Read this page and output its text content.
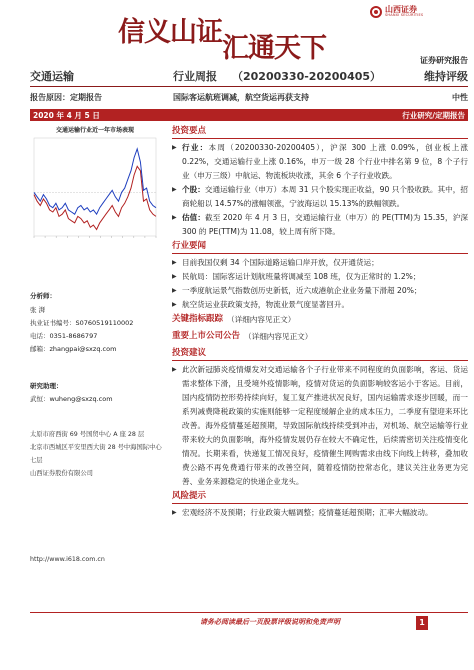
信义山证汇通天下
山西证券
SHANXI SECURITIES
证券研究报告
交通运输	行业周报 （20200330-20200405）	维持评级
报告原因：定期报告	国际客运航班调减，航空货运再获支持	中性
2020 年 4 月 5 日	行业研究/定期报告
交通运输行业近一年市场表现
分析师：
张 湃
执业证书编号：S0760519110002
电话：0351-8686797
邮箱：zhangpai@sxzq.com
研究助理：
武恒：wuheng@sxzq.com
太原市府西街 69 号国贸中心 A 座 28 层
北京市西城区平安里西大街 28 号中海国际中心七层
山西证券股份有限公司
http://www.i618.com.cn
投资要点
▶ 行业：本周（20200330-20200405），沪深 300 上涨 0.09%，创业板上涨 0.22%，交通运输行业上涨 0.16%，申万一级 28 个行业中排名第 9 位，8 个子行业（申万三级）中航运、物流板块收涨，其余 6 个子行业收跌。
▶ 个股：交通运输行业（申万）本周 31 只个股实现正收益，90 只个股收跌。其中，招商轮船以 14.57%的涨幅领涨，宁波海运以 15.13%的跌幅领跌。
▶ 估值：截至 2020 年 4 月 3 日，交通运输行业（申万）的 PE(TTM)为 15.35，沪深 300 的 PE(TTM)为 11.08，较上周有所下降。
行业要闻
▶ 目前我国仅剩 34 个国际道路运输口岸开放，仅开通货运；
▶ 民航局：国际客运计划航班量将调减至 108 班，仅为正常时的 1.2%；
▶ 一季度航运景气指数创历史新低，近六成港航企业业务量下滑超 20%；
▶ 航空货运业获政策支持，物流业景气度显著回升。
关键指标跟踪 （详细内容见正文）
重要上市公司公告 （详细内容见正文）
投资建议
▶ 此次新冠肺炎疫情爆发对交通运输各个子行业带来不同程度的负面影响，客运、货运需求整体下滑，且受境外疫情影响，疫情对货运的负面影响较客运小于客运。目前，国内疫情防控形势持续向好，复工复产推进状况良好，国内运输需求逐步回暖，而一系列减费降税政策的实施则能够一定程度缓解企业的成本压力，二季度有望迎来环比改善。海外疫情蔓延超预期，导致国际航线持续受到冲击，对机场、航空运输等行业带来较大的负面影响，海外疫情发展仍存在较大不确定性，后续需密切关注疫情变化情况。长期来看，快递复工情况良好，疫情催生网购需求由线下向线上转移，叠加收费公路不再免费通行带来的改善空间，随着疫情防控常态化，建议关注业务更为完善、业务来源稳定的快递企业龙头。
风险提示
▶ 宏观经济不及预期；行业政策大幅调整；疫情蔓延超预期；汇率大幅波动。
请务必阅读最后一页股票评级说明和免责声明	1
